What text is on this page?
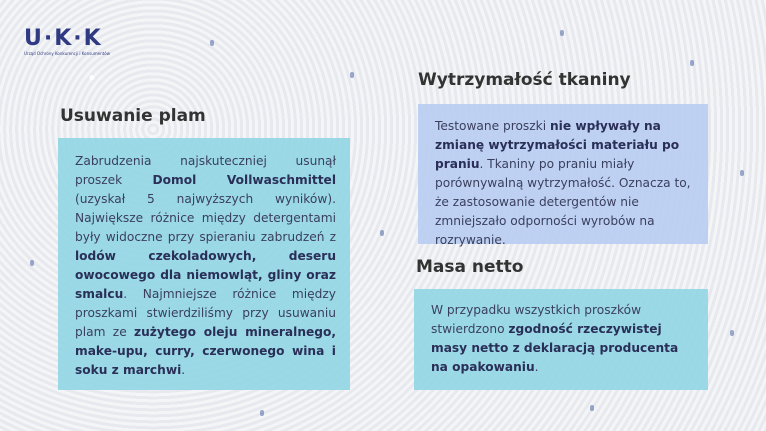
U·K·K
Urząd Ochrony Konkurencji i Konsumentów
Usuwanie plam

Zabrudzenia najskuteczniej usunął proszek Domol Vollwaschmittel (uzyskał 5 najwyższych wyników). Największe różnice między detergentami były widoczne przy spieraniu zabrudzeń z lodów czekoladowych, deseru owocowego dla niemowląt, gliny oraz smalcu. Najmniejsze różnice między proszkami stwierdziliśmy przy usuwaniu plam ze zużytego oleju mineralnego, make-upu, curry, czerwonego wina i soku z marchwi.

Wytrzymałość tkaniny

Testowane proszki nie wpływały na zmianę wytrzymałości materiału po praniu. Tkaniny po praniu miały porównywalną wytrzymałość. Oznacza to, że zastosowanie detergentów nie zmniejszało odporności wyrobów na rozrywanie.

Masa netto

W przypadku wszystkich proszków stwierdzono zgodność rzeczywistej masy netto z deklaracją producenta na opakowaniu.
